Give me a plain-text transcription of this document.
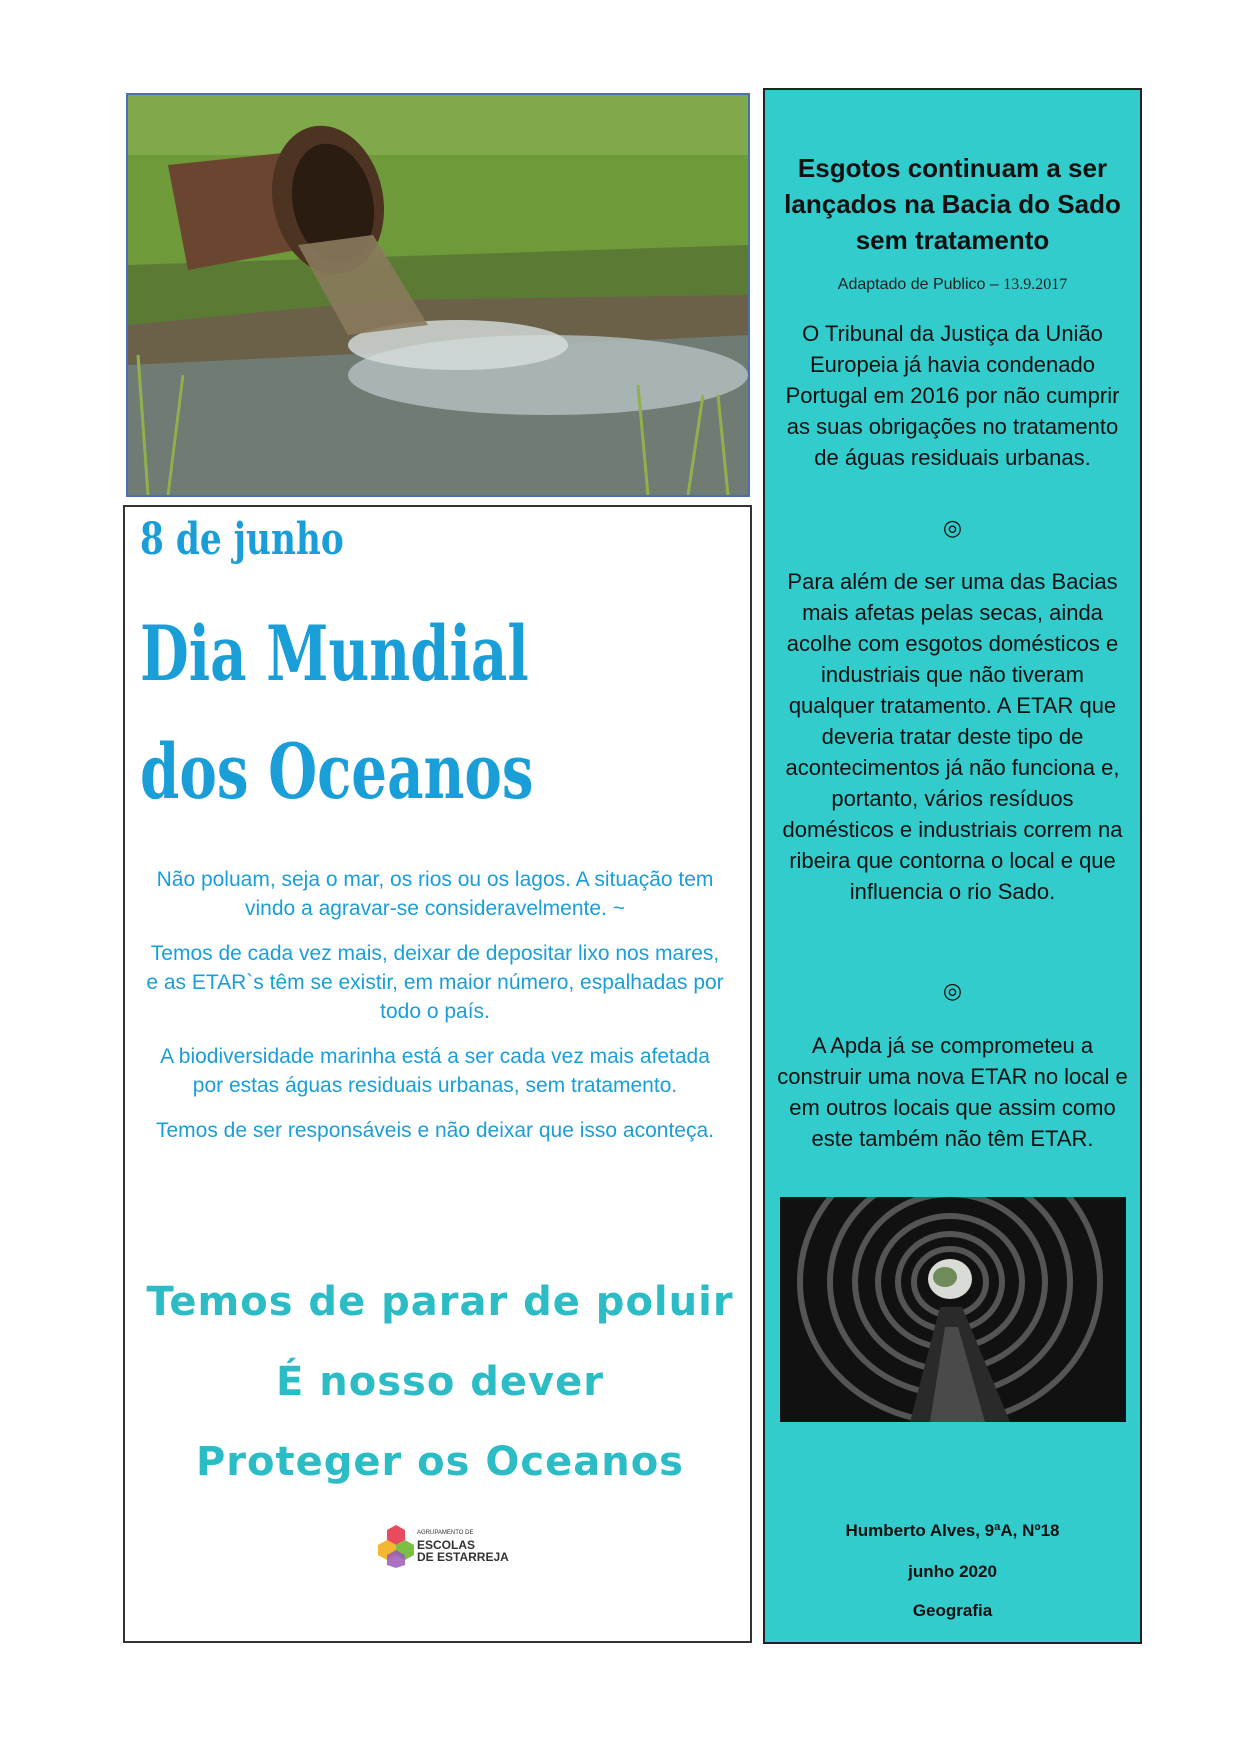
8 de junho
Dia Mundial
dos Oceanos

Não poluam, seja o mar, os rios ou os lagos. A situação tem vindo a agravar-se consideravelmente. ~

Temos de cada vez mais, deixar de depositar lixo nos mares, e as ETAR`s têm se existir, em maior número, espalhadas por todo o país.

A biodiversidade marinha está a ser cada vez mais afetada por estas águas residuais urbanas, sem tratamento.

Temos de ser responsáveis e não deixar que isso aconteça.

Temos de parar de poluir
É nosso dever
Proteger os Oceanos
AGRUPAMENTO DE
ESCOLAS
DE ESTARREJA
Esgotos continuam a ser lançados na Bacia do Sado sem tratamento
Adaptado de Publico – 13.9.2017
O Tribunal da Justiça da União Europeia já havia condenado Portugal em 2016 por não cumprir as suas obrigações no tratamento de águas residuais urbanas.
◎
Para além de ser uma das Bacias mais afetas pelas secas, ainda acolhe com esgotos domésticos e industriais que não tiveram qualquer tratamento. A ETAR que deveria tratar deste tipo de acontecimentos já não funciona e, portanto, vários resíduos domésticos e industriais correm na ribeira que contorna o local e que influencia o rio Sado.
◎
A Apda já se comprometeu a construir uma nova ETAR no local e em outros locais que assim como este também não têm ETAR.
Humberto Alves, 9ªA, Nº18
junho 2020
Geografia
